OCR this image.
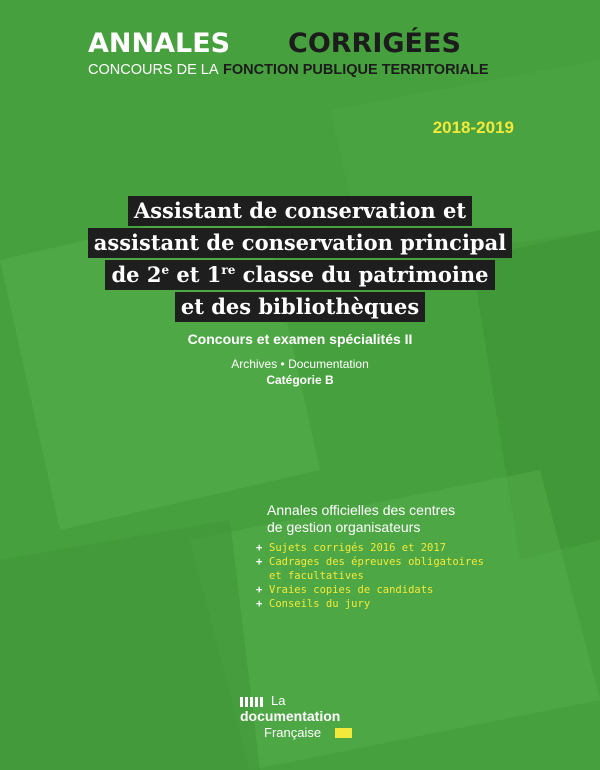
ANNALES CORRIGÉES
CONCOURS DE LA FONCTION PUBLIQUE TERRITORIALE
2018-2019
Assistant de conservation et
assistant de conservation principal
de 2e et 1re classe du patrimoine
et des bibliothèques
Concours et examen spécialités II
Archives • Documentation
Catégorie B
Annales officielles des centres
de gestion organisateurs
+ Sujets corrigés 2016 et 2017
+ Cadrages des épreuves obligatoires
et facultatives
+ Vraies copies de candidats
+ Conseils du jury
La
documentation
Française
